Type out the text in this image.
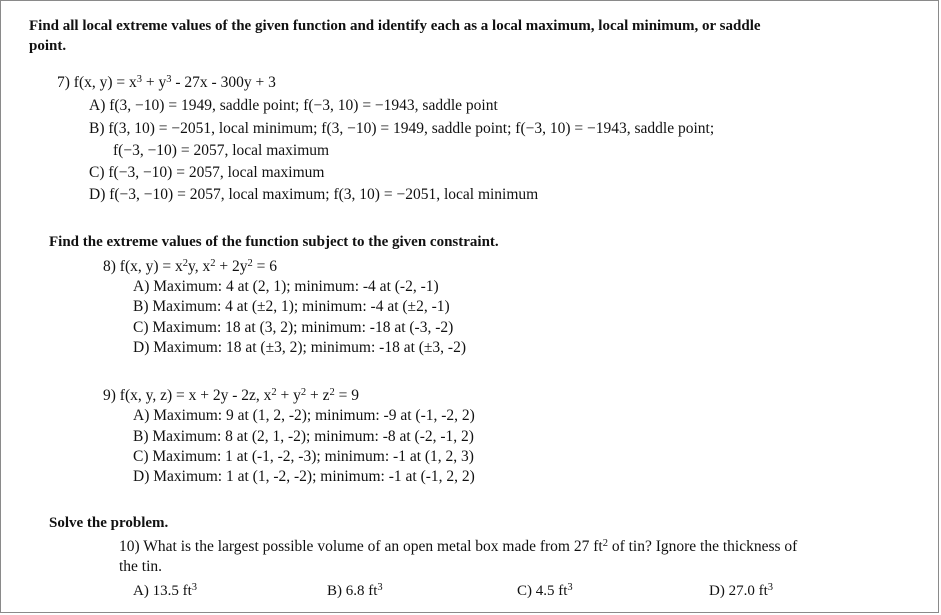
Find all local extreme values of the given function and identify each as a local maximum, local minimum, or saddle
point.
7) f(x, $y) = x^3 + y^3 - 27x - 300y + 3$
A) f(3, −10) = 1949, saddle point; f(−3, 10) = −1943, saddle point
B) f(3, 10) = −2051, local minimum; f(3, −10) = 1949, saddle point; f(−3, 10) = −1943, saddle point;
f(−3, −10) = 2057, local maximum
C) f(−3, −10) = 2057, local maximum
D) f(−3, −10) = 2057, local maximum; f(3, 10) = −2051, local minimum
Find the extreme values of the function subject to the given constraint.
8) f(x, $y) = x^2y$, $x^2 + 2y^2 = 6$
A) Maximum: 4 at (2, 1); minimum: -4 at (-2, -1)
B) Maximum: 4 at (±2, 1); minimum: -4 at (±2, -1)
C) Maximum: 18 at (3, 2); minimum: -18 at (-3, -2)
D) Maximum: 18 at (±3, 2); minimum: -18 at (±3, -2)
9) f(x, y, z) = x + 2y - 2z, $x^2 + y^2 + z^2 = 9$
A) Maximum: 9 at (1, 2, -2); minimum: -9 at (-1, -2, 2)
B) Maximum: 8 at (2, 1, -2); minimum: -8 at (-2, -1, 2)
C) Maximum: 1 at (-1, -2, -3); minimum: -1 at (1, 2, 3)
D) Maximum: 1 at (1, -2, -2); minimum: -1 at (-1, 2, 2)
Solve the problem.
10) What is the largest possible volume of an open metal box made from 27 $ft^2$ of tin? Ignore the thickness of
the tin.
A) 13.5 $ft^3$	B) 6.8 $ft^3$	C) 4.5 $ft^3$	D) 27.0 $ft^3$
